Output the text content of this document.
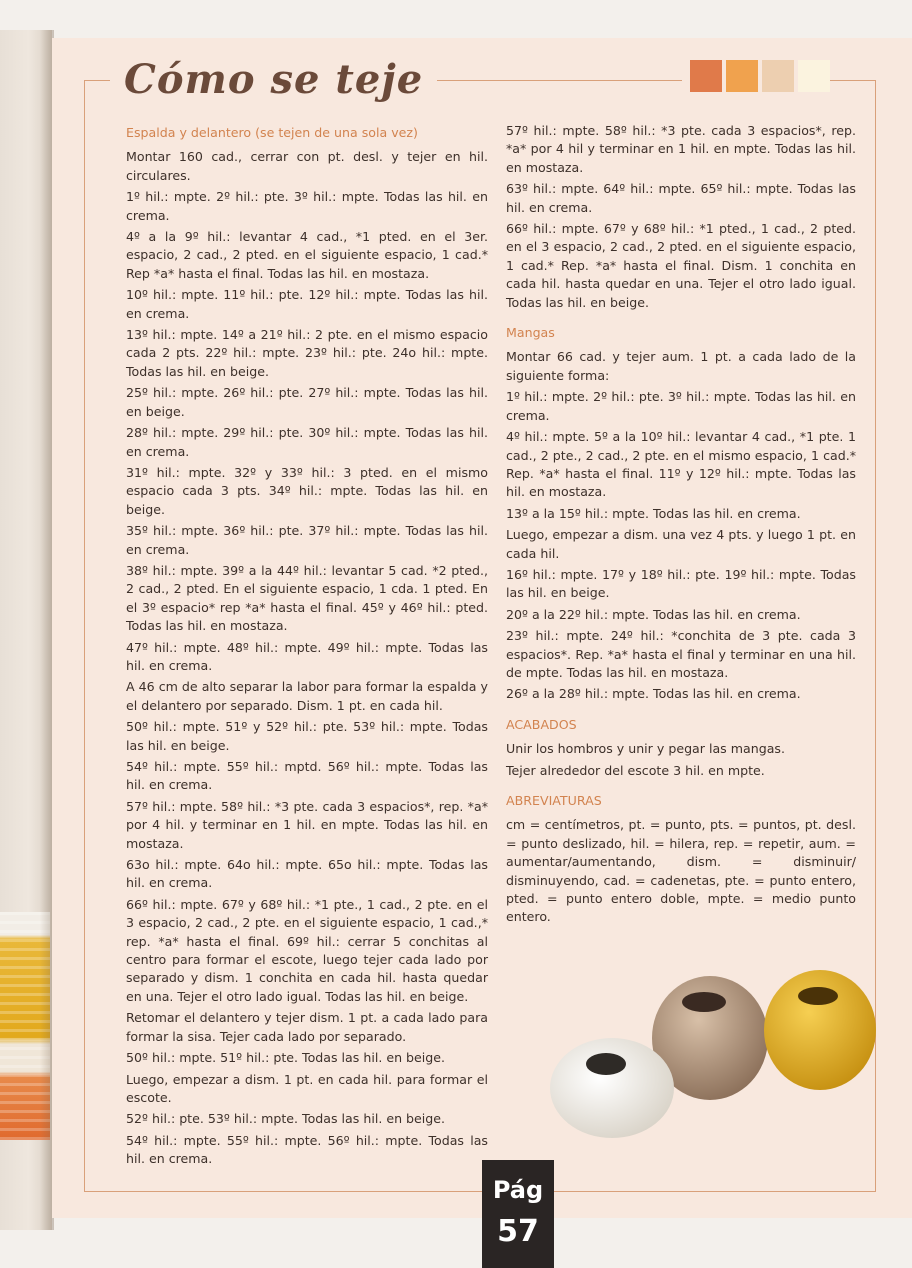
Cómo se teje
Espalda y delantero (se tejen de una sola vez)

Montar 160 cad., cerrar con pt. desl. y tejer en hil. circulares.

1º hil.: mpte. 2º hil.: pte. 3º hil.: mpte. Todas las hil. en crema.

4º a la 9º hil.: levantar 4 cad., *1 pted. en el 3er. espacio, 2 cad., 2 pted. en el siguiente espacio, 1 cad.* Rep *a* hasta el final. Todas las hil. en mostaza.

10º hil.: mpte. 11º hil.: pte. 12º hil.: mpte. Todas las hil. en crema.

13º hil.: mpte. 14º a 21º hil.: 2 pte. en el mismo espacio cada 2 pts. 22º hil.: mpte. 23º hil.: pte. 24o hil.: mpte. Todas las hil. en beige.

25º hil.: mpte. 26º hil.: pte. 27º hil.: mpte. Todas las hil. en beige.

28º hil.: mpte. 29º hil.: pte. 30º hil.: mpte. Todas las hil. en crema.

31º hil.: mpte. 32º y 33º hil.: 3 pted. en el mismo espacio cada 3 pts. 34º hil.: mpte. Todas las hil. en beige.

35º hil.: mpte. 36º hil.: pte. 37º hil.: mpte. Todas las hil. en crema.

38º hil.: mpte. 39º a la 44º hil.: levantar 5 cad. *2 pted., 2 cad., 2 pted. En el siguiente espacio, 1 cda. 1 pted. En el 3º espacio* rep *a* hasta el final. 45º y 46º hil.: pted. Todas las hil. en mostaza.

47º hil.: mpte. 48º hil.: mpte. 49º hil.: mpte. Todas las hil. en crema.

A 46 cm de alto separar la labor para formar la espalda y el delantero por separado. Dism. 1 pt. en cada hil.

50º hil.: mpte. 51º y 52º hil.: pte. 53º hil.: mpte. Todas las hil. en beige.

54º hil.: mpte. 55º hil.: mptd. 56º hil.: mpte. Todas las hil. en crema.

57º hil.: mpte. 58º hil.: *3 pte. cada 3 espacios*, rep. *a* por 4 hil. y terminar en 1 hil. en mpte. Todas las hil. en mostaza.

63o hil.: mpte. 64o hil.: mpte. 65o hil.: mpte. Todas las hil. en crema.

66º hil.: mpte. 67º y 68º hil.: *1 pte., 1 cad., 2 pte. en el 3 espacio, 2 cad., 2 pte. en el siguiente espacio, 1 cad.,* rep. *a* hasta el final. 69º hil.: cerrar 5 conchitas al centro para formar el escote, luego tejer cada lado por separado y dism. 1 conchita en cada hil. hasta quedar en una. Tejer el otro lado igual. Todas las hil. en beige.

Retomar el delantero y tejer dism. 1 pt. a cada lado para formar la sisa. Tejer cada lado por separado.

50º hil.: mpte. 51º hil.: pte. Todas las hil. en beige.

Luego, empezar a dism. 1 pt. en cada hil. para formar el escote.

52º hil.: pte. 53º hil.: mpte. Todas las hil. en beige.

54º hil.: mpte. 55º hil.: mpte. 56º hil.: mpte. Todas las hil. en crema.

57º hil.: mpte. 58º hil.: *3 pte. cada 3 espacios*, rep. *a* por 4 hil y terminar en 1 hil. en mpte. Todas las hil. en mostaza.

63º hil.: mpte. 64º hil.: mpte. 65º hil.: mpte. Todas las hil. en crema.

66º hil.: mpte. 67º y 68º hil.: *1 pted., 1 cad., 2 pted. en el 3 espacio, 2 cad., 2 pted. en el siguiente espacio, 1 cad.* Rep. *a* hasta el final. Dism. 1 conchita en cada hil. hasta quedar en una. Tejer el otro lado igual. Todas las hil. en beige.

Mangas

Montar 66 cad. y tejer aum. 1 pt. a cada lado de la siguiente forma:

1º hil.: mpte. 2º hil.: pte. 3º hil.: mpte. Todas las hil. en crema.

4º hil.: mpte. 5º a la 10º hil.: levantar 4 cad., *1 pte. 1 cad., 2 pte., 2 cad., 2 pte. en el mismo espacio, 1 cad.* Rep. *a* hasta el final. 11º y 12º hil.: mpte. Todas las hil. en mostaza.

13º a la 15º hil.: mpte. Todas las hil. en crema.

Luego, empezar a dism. una vez 4 pts. y luego 1 pt. en cada hil.

16º hil.: mpte. 17º y 18º hil.: pte. 19º hil.: mpte. Todas las hil. en beige.

20º a la 22º hil.: mpte. Todas las hil. en crema.

23º hil.: mpte. 24º hil.: *conchita de 3 pte. cada 3 espacios*. Rep. *a* hasta el final y terminar en una hil. de mpte. Todas las hil. en mostaza.

26º a la 28º hil.: mpte. Todas las hil. en crema.

ACABADOS

Unir los hombros y unir y pegar las mangas.

Tejer alrededor del escote 3 hil. en mpte.

ABREVIATURAS

cm = centímetros, pt. = punto, pts. = puntos, pt. desl. = punto deslizado, hil. = hilera, rep. = repetir, aum. = aumentar/aumentando, dism. = disminuir/ disminuyendo, cad. = cadenetas, pte. = punto entero, pted. = punto entero doble, mpte. = medio punto entero.

Pág
57
